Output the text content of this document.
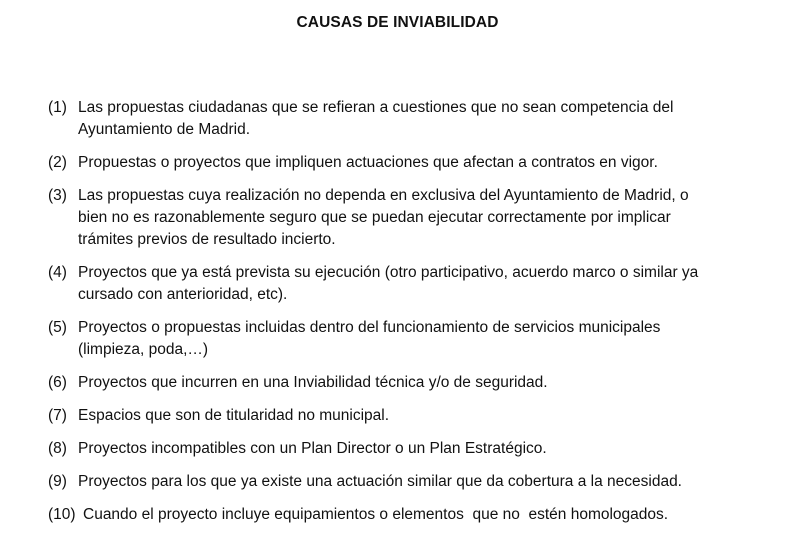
CAUSAS DE INVIABILIDAD
(1) Las propuestas ciudadanas que se refieran a cuestiones que no sean competencia del
Ayuntamiento de Madrid.
(2) Propuestas o proyectos que impliquen actuaciones que afectan a contratos en vigor.
(3) Las propuestas cuya realización no dependa en exclusiva del Ayuntamiento de Madrid, o
bien no es razonablemente seguro que se puedan ejecutar correctamente por implicar
trámites previos de resultado incierto.
(4) Proyectos que ya está prevista su ejecución (otro participativo, acuerdo marco o similar ya
cursado con anterioridad, etc).
(5) Proyectos o propuestas incluidas dentro del funcionamiento de servicios municipales
(limpieza, poda,…)
(6) Proyectos que incurren en una Inviabilidad técnica y/o de seguridad.
(7) Espacios que son de titularidad no municipal.
(8) Proyectos incompatibles con un Plan Director o un Plan Estratégico.
(9) Proyectos para los que ya existe una actuación similar que da cobertura a la necesidad.
(10) Cuando el proyecto incluye equipamientos o elementos  que no  estén homologados.
